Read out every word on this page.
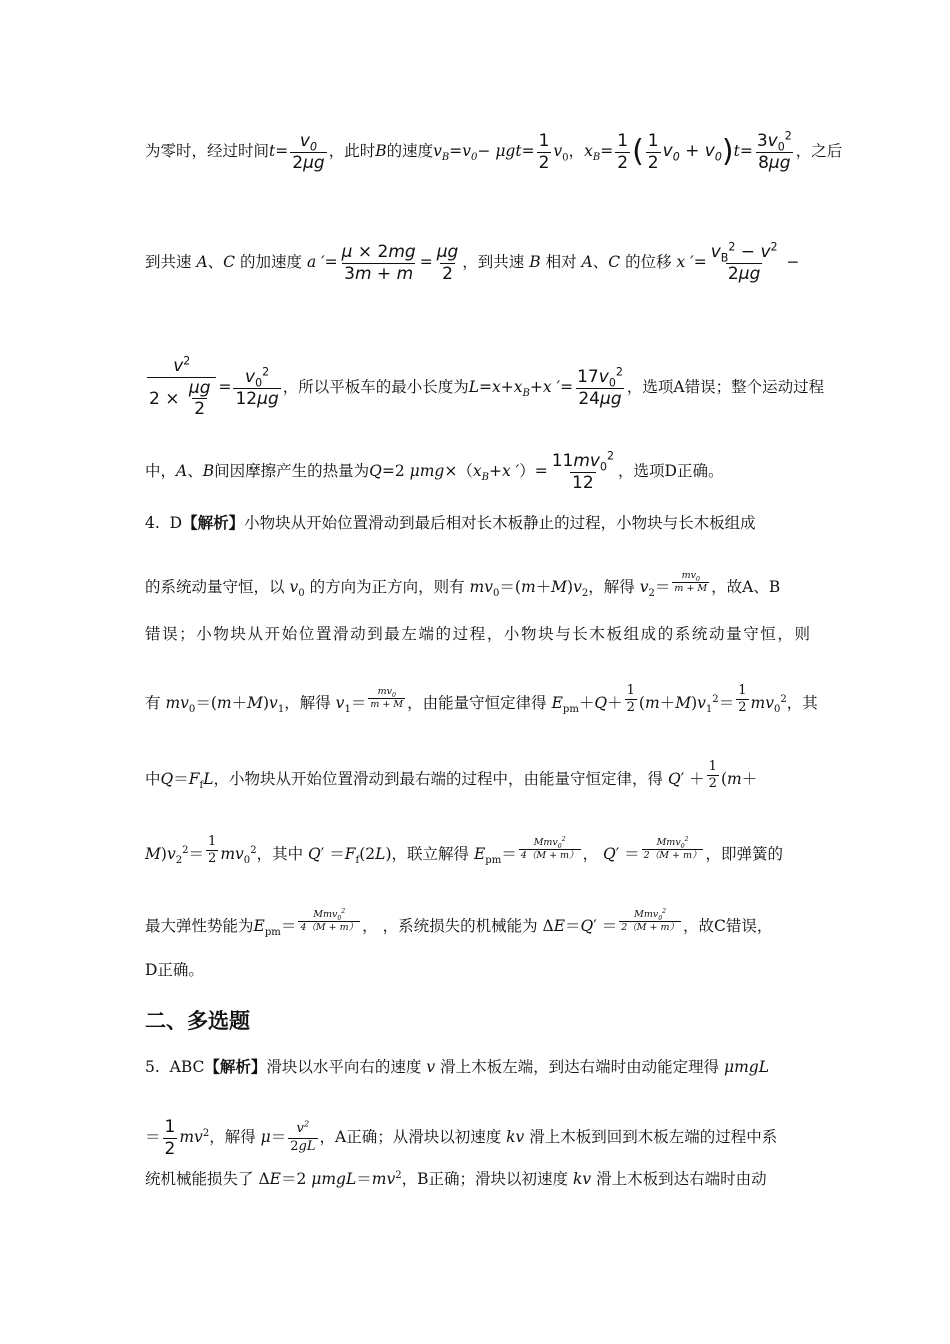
为零时，经过时间$t= \frac{v_0}{2\mu g}$ ，此时B的速度$v_B=v_0- \mu gt= \frac{1}{2} v_0$，$x_B= \frac{1}{2}$ ( $\frac{1}{2} v_0 + v_0)t= \frac{3v_0^2}{8\mu g}$ ，之后
到共速 A、C 的加速度 a ′= $\frac{\mu \times 2mg}{3m + m} = \frac{\mu g}{2}$ ，到共速 B 相对 A、C 的位移 x ′= $\frac{v_B^2 - v^2}{2\mu g}$ −
$\frac{v^2}{2 \times \frac{\mu g}{2}} = \frac{v_0^2}{12\mu g}$ ，所以平板车的最小长度为$L=x+x_B+x$ ′= $\frac{17v_0^2}{24\mu g}$ ，选项A错误；整个运动过程
中，A、B间因摩擦产生的热量为Q=2 $\mu mg\times(x_B+x$ ′）= $\frac{11mv_0^2}{12}$ ，选项D正确。
4. D【解析】小物块从开始位置滑动到最后相对长木板静止的过程，小物块与长木板组成
的系统动量守恒，以 $v_0$ 的方向为正方向，则有 $mv_0=(m+M)v_2$，解得 $v_2= \frac{mv_0}{m + M}$ ，故A、B
错误；小物块从开始位置滑动到最左端的过程，小物块与长木板组成的系统动量守恒，则
有 $mv_0=(m+M)v_1$，解得 $v_1= \frac{mv_0}{m + M}$ ，由能量守恒定律得 $E_{pm}+Q+ \frac{1}{2} (m+M)v_1^2= \frac{1}{2} mv_0^2$，其
中$Q=F_fL$，小物块从开始位置滑动到最右端的过程中，由能量守恒定律，得 $Q' + \frac{1}{2} (m+$
$M)v_2^2= \frac{1}{2} mv_0^2$，其中 $Q' =F_f(2L)$，联立解得 $E_{pm}= \frac{Mmv_0^2}{4(M + m)}$ ， $Q' = \frac{Mmv_0^2}{2(M + m)}$ ，即弹簧的
最大弹性势能为$E_{pm}= \frac{Mmv_0^2}{4(M + m)}$ ， ，系统损失的机械能为 $\Delta E=Q' = \frac{Mmv_0^2}{2(M + m)}$ ，故C错误，
D正确。
二、多选题
5. ABC【解析】滑块以水平向右的速度 v 滑上木板左端，到达右端时由动能定理得 μmgL
＝ $\frac{1}{2} mv^2$，解得 $\mu= \frac{v^2}{2gL}$ ，A正确；从滑块以初速度 kv 滑上木板到回到木板左端的过程中系
统机械能损失了 ΔE＝2 $\mu mgL=mv^2$，B正确；滑块以初速度 kv 滑上木板到达右端时由动
